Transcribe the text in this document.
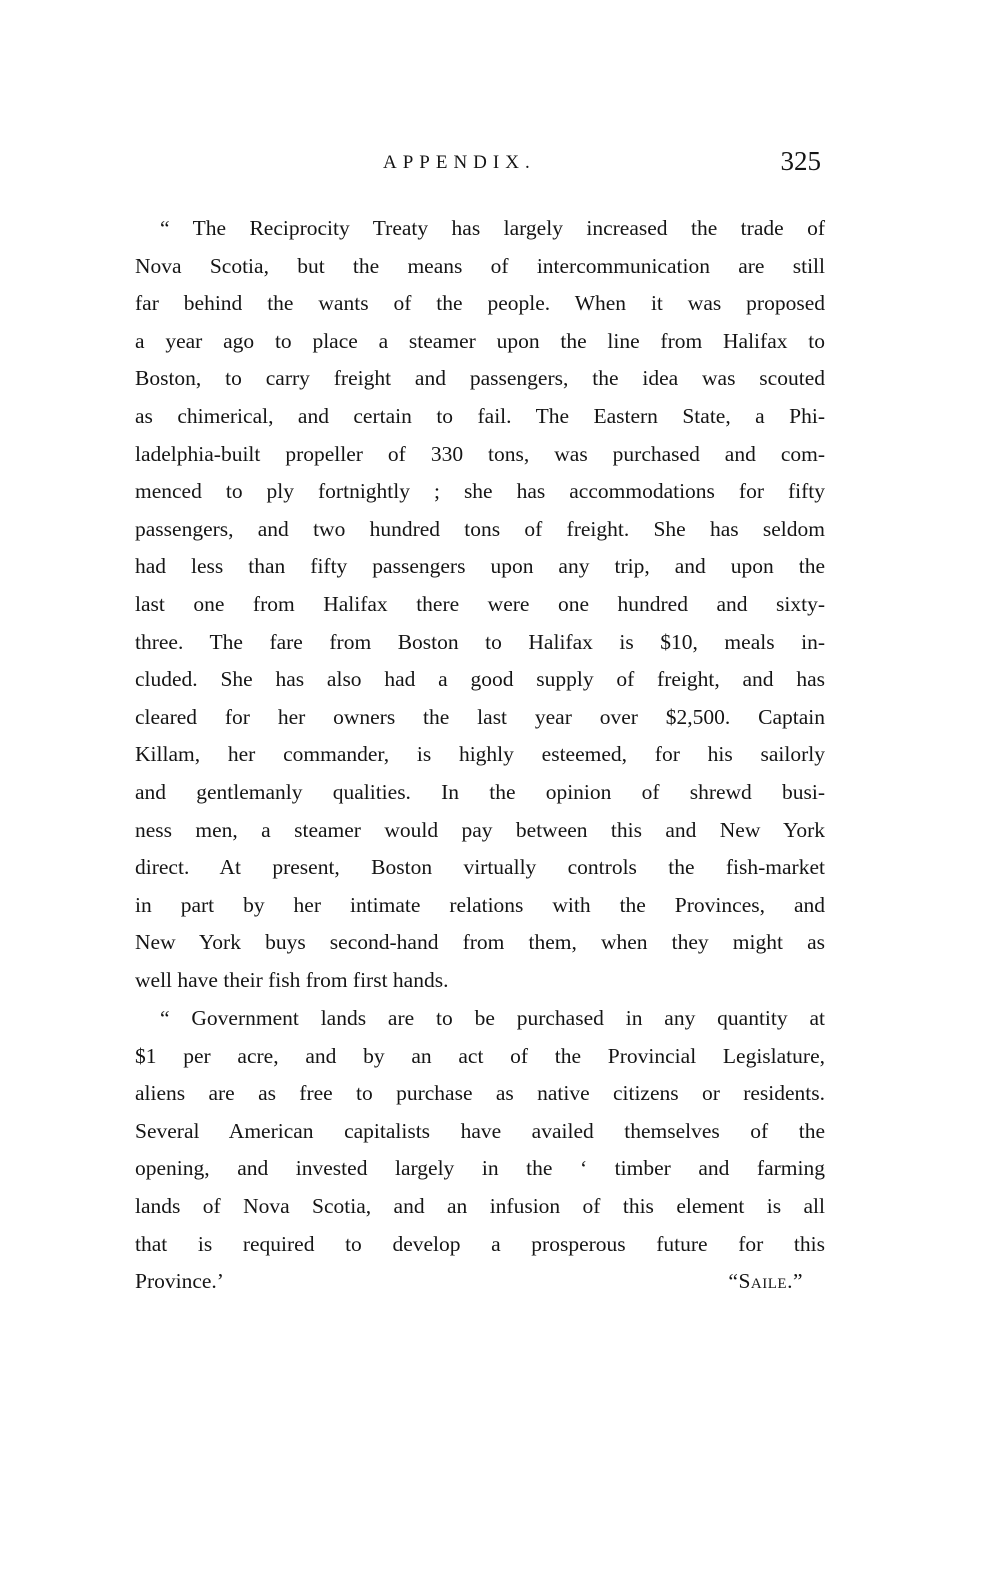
APPENDIX.	325
“ The Reciprocity Treaty has largely increased the trade of
Nova Scotia, but the means of intercommunication are still
far behind the wants of the people. When it was proposed
a year ago to place a steamer upon the line from Halifax to
Boston, to carry freight and passengers, the idea was scouted
as chimerical, and certain to fail. The Eastern State, a Phi-
ladelphia-built propeller of 330 tons, was purchased and com-
menced to ply fortnightly ; she has accommodations for fifty
passengers, and two hundred tons of freight. She has seldom
had less than fifty passengers upon any trip, and upon the
last one from Halifax there were one hundred and sixty-
three. The fare from Boston to Halifax is $10, meals in-
cluded. She has also had a good supply of freight, and has
cleared for her owners the last year over $2,500. Captain
Killam, her commander, is highly esteemed, for his sailorly
and gentlemanly qualities. In the opinion of shrewd busi-
ness men, a steamer would pay between this and New York
direct. At present, Boston virtually controls the fish-market
in part by her intimate relations with the Provinces, and
New York buys second-hand from them, when they might as
well have their fish from first hands.
“ Government lands are to be purchased in any quantity at
$1 per acre, and by an act of the Provincial Legislature,
aliens are as free to purchase as native citizens or residents.
Several American capitalists have availed themselves of the
opening, and invested largely in the ‘ timber and farming
lands of Nova Scotia, and an infusion of this element is all
that is required to develop a prosperous future for this
Province.’	“Saile.”
